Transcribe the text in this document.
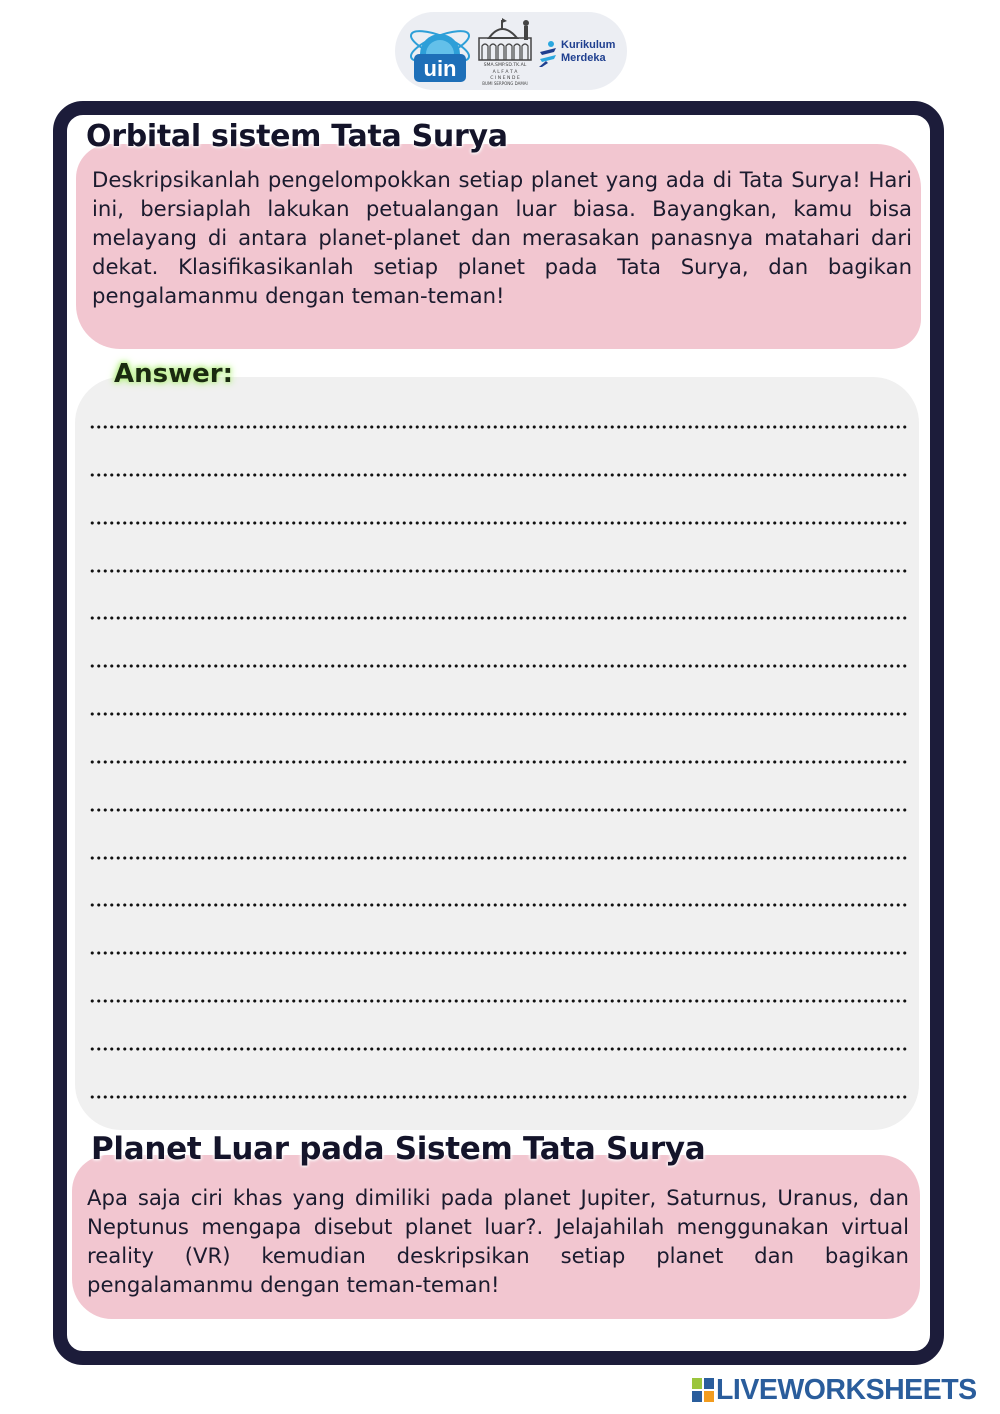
uin	SMA.SMP.SD.TK.AL
A L F A T A
C I N E N D E
BUMI SERPONG DAMAI
Kurikulum
Merdeka
Orbital sistem Tata Surya

Deskripsikanlah pengelompokkan setiap planet yang ada di Tata Surya! Hari ini, bersiaplah lakukan petualangan luar biasa. Bayangkan, kamu bisa melayang di antara planet-planet dan merasakan panasnya matahari dari dekat. Klasifikasikanlah setiap planet pada Tata Surya, dan bagikan pengalamanmu dengan teman-teman!

Answer:
Planet Luar pada Sistem Tata Surya

Apa saja ciri khas yang dimiliki pada planet Jupiter, Saturnus, Uranus, dan Neptunus mengapa disebut planet luar?. Jelajahilah menggunakan virtual reality (VR) kemudian deskripsikan setiap planet dan bagikan pengalamanmu dengan teman-teman!

LIVEWORKSHEETS
